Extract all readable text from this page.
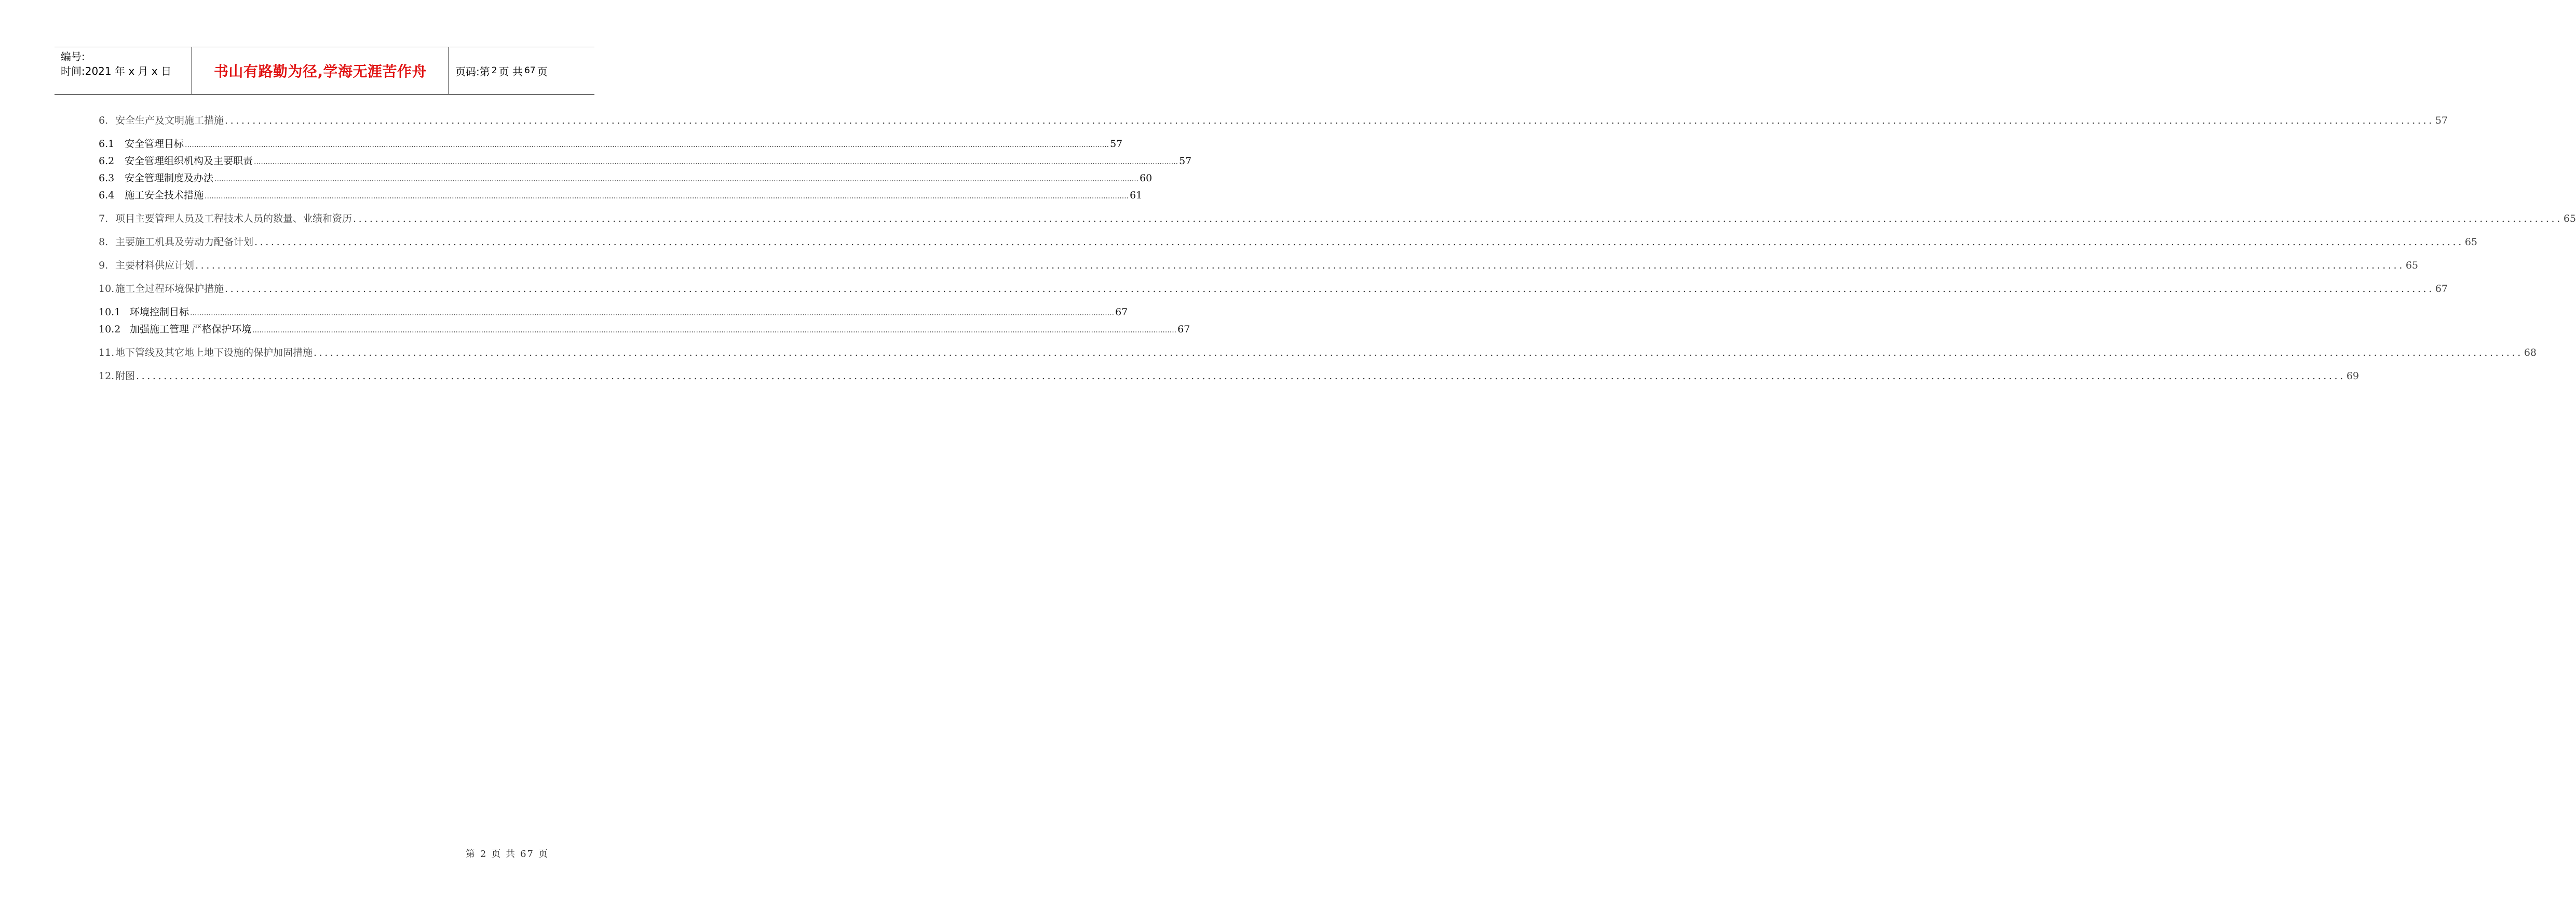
编号:
时间:2021 年 x 月 x 日	书山有路勤为径,学海无涯苦作舟	页码:第 2 页 共 67 页
6. 安全生产及文明施工措施 ................................................................................................................................................................................................................................................................................................................................................................................................................ 57
6.1	安全管理目标 ................................................................................................................................................................................................................................................................................................................................................................................................................ 57
6.2	安全管理组织机构及主要职责 ................................................................................................................................................................................................................................................................................................................................................................................................................ 57
6.3	安全管理制度及办法 ................................................................................................................................................................................................................................................................................................................................................................................................................ 60
6.4	施工安全技术措施 ................................................................................................................................................................................................................................................................................................................................................................................................................ 61
7. 项目主要管理人员及工程技术人员的数量、业绩和资历 ................................................................................................................................................................................................................................................................................................................................................................................................................ 65
8. 主要施工机具及劳动力配备计划 ................................................................................................................................................................................................................................................................................................................................................................................................................ 65
9. 主要材料供应计划 ................................................................................................................................................................................................................................................................................................................................................................................................................ 65
10. 施工全过程环境保护措施 ................................................................................................................................................................................................................................................................................................................................................................................................................ 67
10.1 环境控制目标 ................................................................................................................................................................................................................................................................................................................................................................................................................ 67
10.2 加强施工管理 严格保护环境 ................................................................................................................................................................................................................................................................................................................................................................................................................ 67
11. 地下管线及其它地上地下设施的保护加固措施 ................................................................................................................................................................................................................................................................................................................................................................................................................ 68
12. 附图 ................................................................................................................................................................................................................................................................................................................................................................................................................ 69
第 2 页 共 67 页
